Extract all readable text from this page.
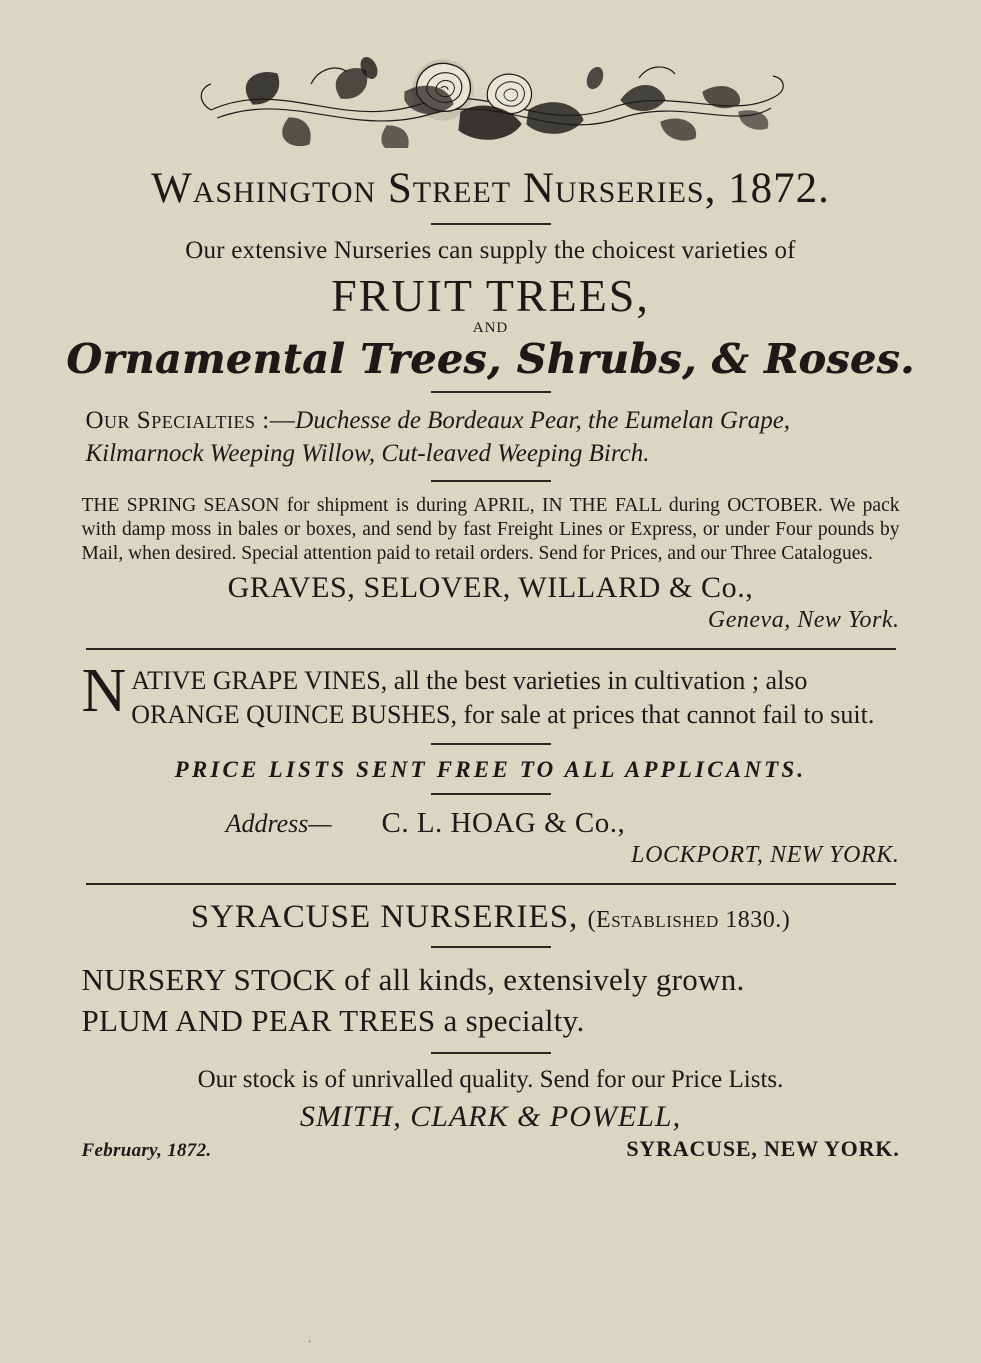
Washington Street Nurseries, 1872.
Our extensive Nurseries can supply the choicest varieties of
FRUIT TREES,
AND
Ornamental Trees, Shrubs, & Roses.
Our Specialties :—Duchesse de Bordeaux Pear, the Eumelan Grape, Kilmarnock Weeping Willow, Cut-leaved Weeping Birch.
THE SPRING SEASON for shipment is during APRIL, IN THE FALL during OCTOBER. We pack with damp moss in bales or boxes, and send by fast Freight Lines or Express, or under Four pounds by Mail, when desired. Special attention paid to retail orders. Send for Prices, and our Three Catalogues.
GRAVES, SELOVER, WILLARD & Co.,
Geneva, New York.
N ATIVE GRAPE VINES, all the best varieties in cultivation ; also ORANGE QUINCE BUSHES, for sale at prices that cannot fail to suit.
PRICE LISTS SENT FREE TO ALL APPLICANTS.
Address—	C. L. HOAG & Co.,
LOCKPORT, NEW YORK.
SYRACUSE NURSERIES, (Established 1830.)
NURSERY STOCK of all kinds, extensively grown.
PLUM AND PEAR TREES a specialty.
Our stock is of unrivalled quality. Send for our Price Lists.
SMITH, CLARK & POWELL,
February, 1872.	SYRACUSE, NEW YORK.
.
